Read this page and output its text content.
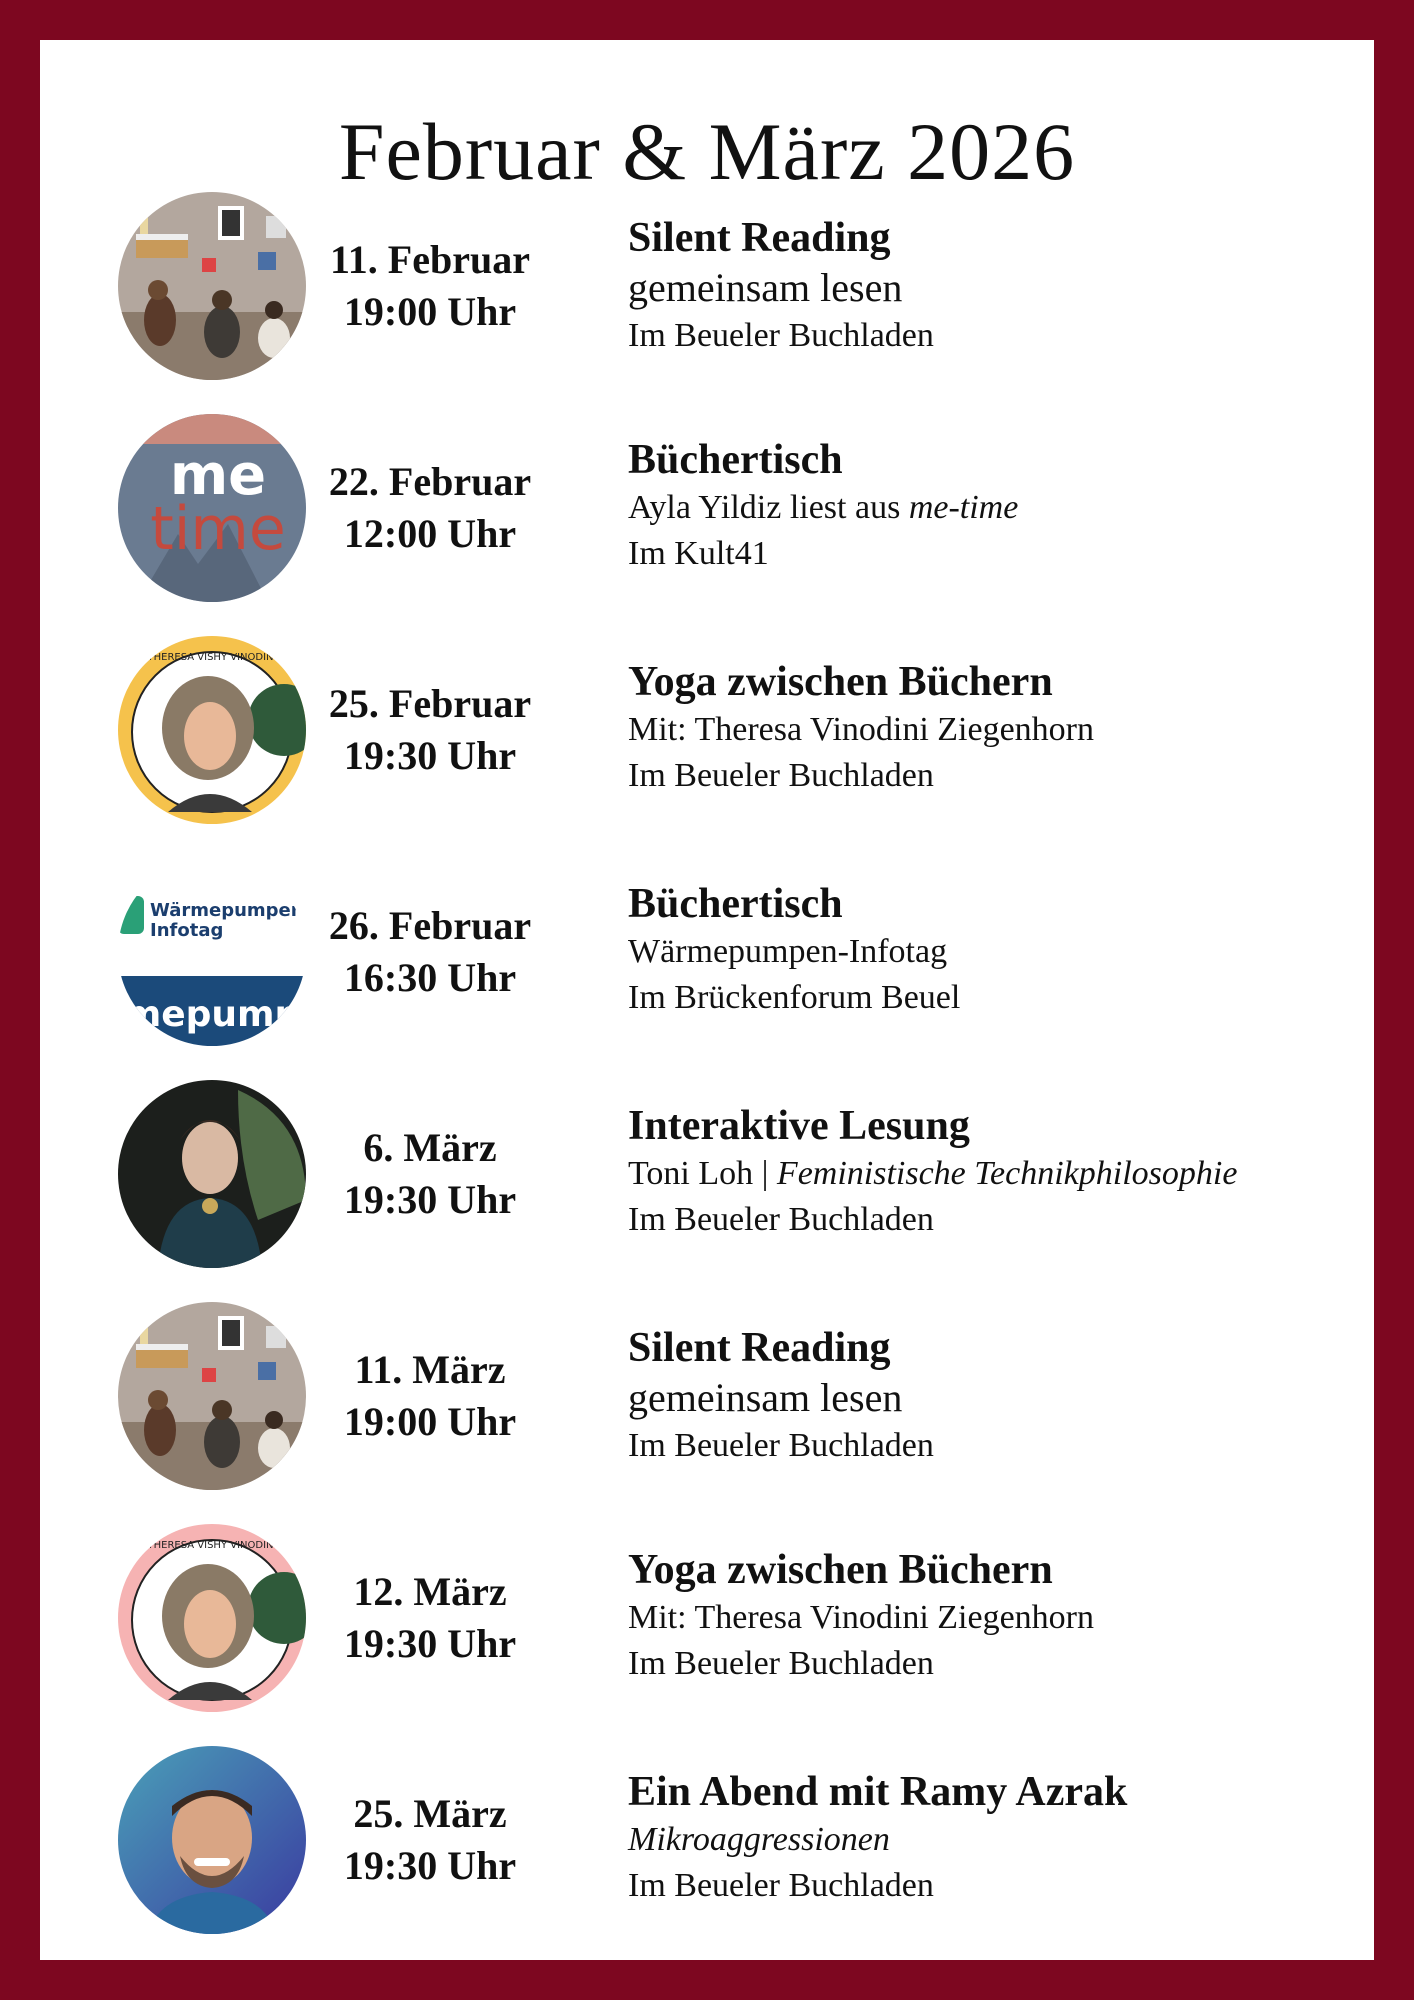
Februar & März 2026
11. Februar
19:00 Uhr
Silent Reading
gemeinsam lesen
Im Beueler Buchladen
me
time
22. Februar
12:00 Uhr
Büchertisch
Ayla Yildiz liest aus me-time
Im Kult41
THERESA VISHY VINODINI
25. Februar
19:30 Uhr
Yoga zwischen Büchern
Mit: Theresa Vinodini Ziegenhorn
Im Beueler Buchladen
Wärmepumpen
Infotag
mepump
26. Februar
16:30 Uhr
Büchertisch
Wärmepumpen-Infotag
Im Brückenforum Beuel
6. März
19:30 Uhr
Interaktive Lesung
Toni Loh | Feministische Technikphilosophie
Im Beueler Buchladen
11. März
19:00 Uhr
Silent Reading
gemeinsam lesen
Im Beueler Buchladen
THERESA VISHY VINODINI
12. März
19:30 Uhr
Yoga zwischen Büchern
Mit: Theresa Vinodini Ziegenhorn
Im Beueler Buchladen
25. März
19:30 Uhr
Ein Abend mit Ramy Azrak
Mikroaggressionen
Im Beueler Buchladen
